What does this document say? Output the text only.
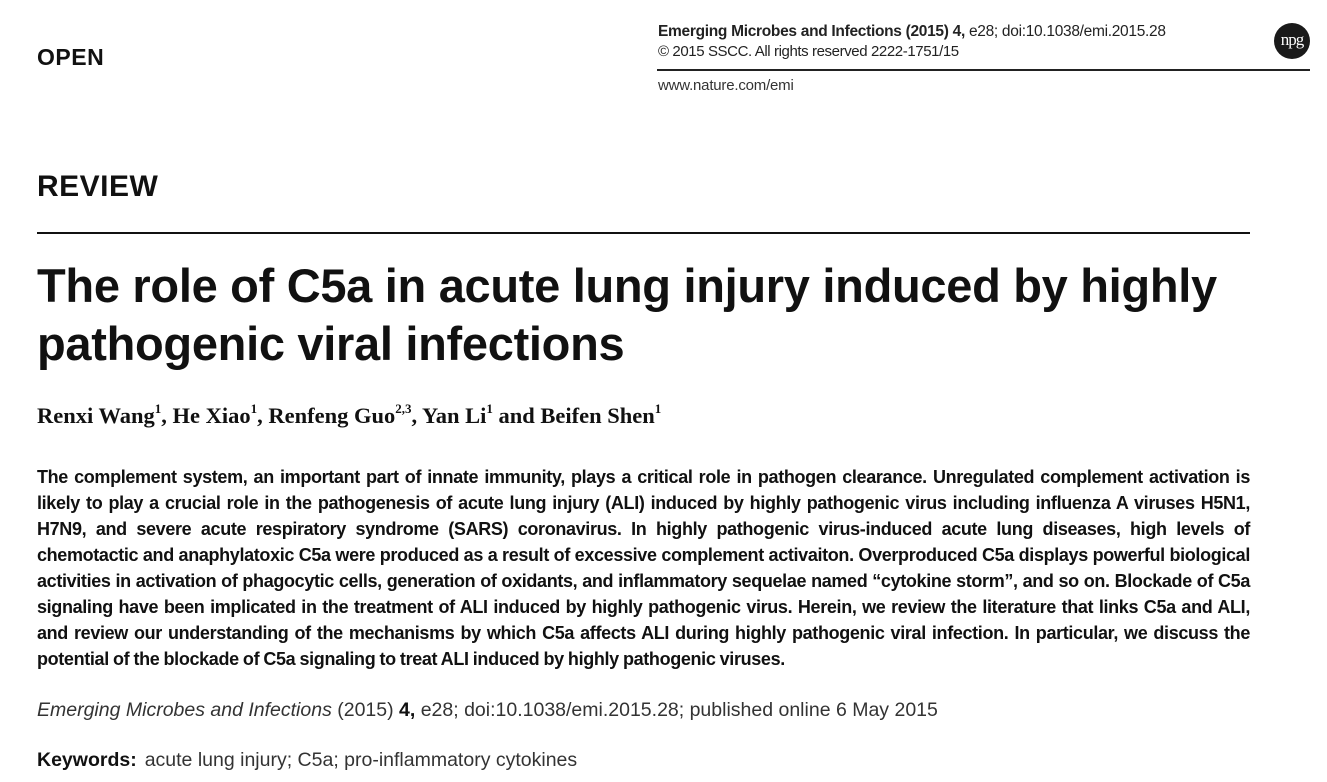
OPEN
Emerging Microbes and Infections (2015) 4, e28; doi:10.1038/emi.2015.28
© 2015 SSCC. All rights reserved 2222-1751/15
npg
www.nature.com/emi
REVIEW
The role of C5a in acute lung injury induced by highly pathogenic viral infections
Renxi Wang$^1$, He Xiao$^1$, Renfeng Guo$^{2,3}$, Yan Li$^1$ and Beifen Shen$^1$

The complement system, an important part of innate immunity, plays a critical role in pathogen clearance. Unregulated complement activation is likely to play a crucial role in the pathogenesis of acute lung injury (ALI) induced by highly pathogenic virus including influenza A viruses H5N1, H7N9, and severe acute respiratory syndrome (SARS) coronavirus. In highly pathogenic virus-induced acute lung diseases, high levels of chemotactic and anaphylatoxic C5a were produced as a result of excessive complement activaiton. Overproduced C5a displays powerful biological activities in activation of phagocytic cells, generation of oxidants, and inflammatory sequelae named “cytokine storm”, and so on. Blockade of C5a signaling have been implicated in the treatment of ALI induced by highly pathogenic virus. Herein, we review the literature that links C5a and ALI, and review our understanding of the mechanisms by which C5a affects ALI during highly pathogenic viral infection. In particular, we discuss the potential of the blockade of C5a signaling to treat ALI induced by highly pathogenic viruses.

Emerging Microbes and Infections (2015) 4, e28; doi:10.1038/emi.2015.28; published online 6 May 2015
Keywords: acute lung injury; C5a; pro-inflammatory cytokines
